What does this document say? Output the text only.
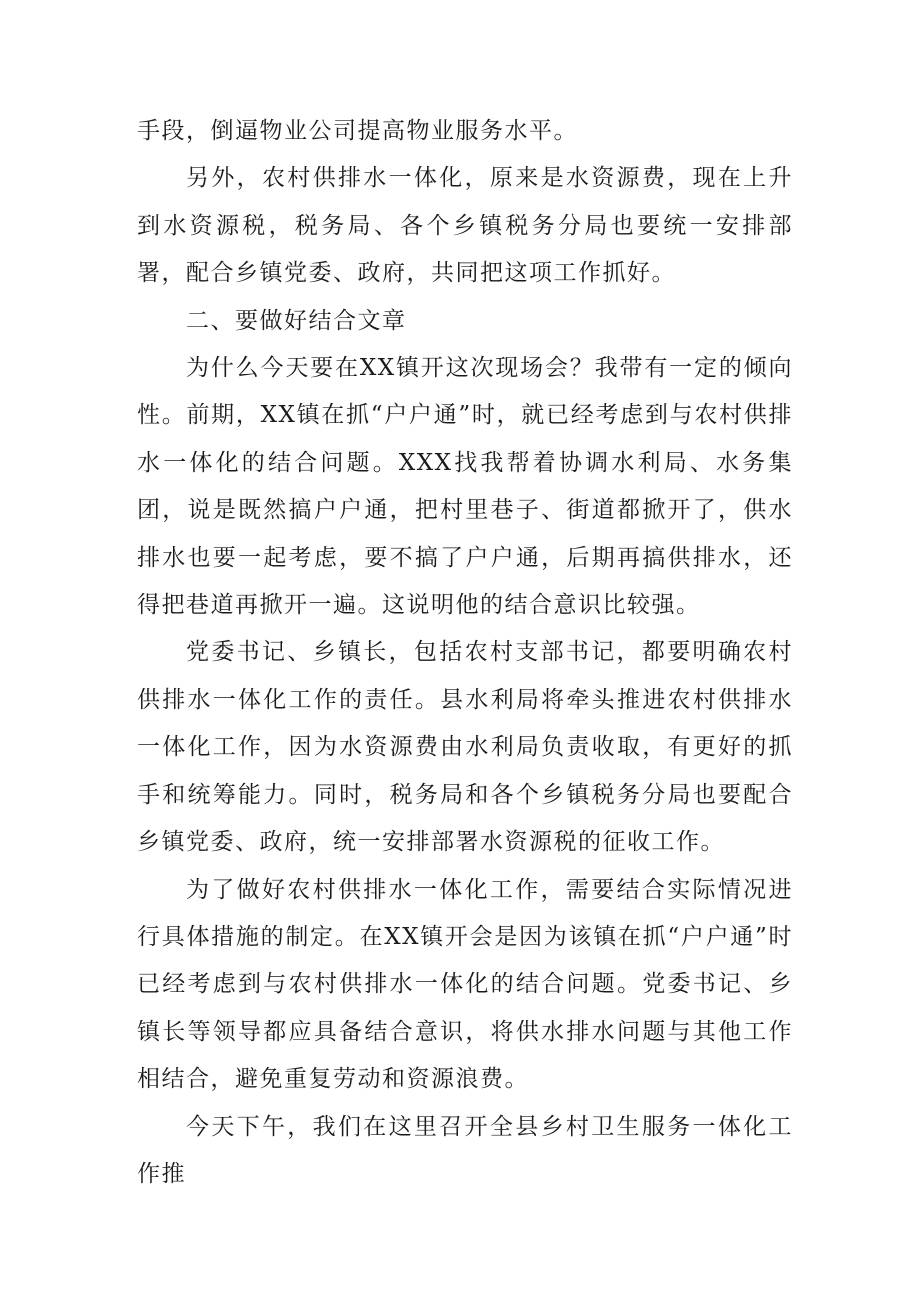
手段，倒逼物业公司提高物业服务水平。

另外，农村供排水一体化，原来是水资源费，现在上升到水资源税，税务局、各个乡镇税务分局也要统一安排部署，配合乡镇党委、政府，共同把这项工作抓好。

二、要做好结合文章

为什么今天要在XX镇开这次现场会？我带有一定的倾向性。前期，XX镇在抓“户户通”时，就已经考虑到与农村供排水一体化的结合问题。XXX找我帮着协调水利局、水务集团，说是既然搞户户通，把村里巷子、街道都掀开了，供水排水也要一起考虑，要不搞了户户通，后期再搞供排水，还得把巷道再掀开一遍。这说明他的结合意识比较强。

党委书记、乡镇长，包括农村支部书记，都要明确农村供排水一体化工作的责任。县水利局将牵头推进农村供排水一体化工作，因为水资源费由水利局负责收取，有更好的抓手和统筹能力。同时，税务局和各个乡镇税务分局也要配合乡镇党委、政府，统一安排部署水资源税的征收工作。

为了做好农村供排水一体化工作，需要结合实际情况进行具体措施的制定。在XX镇开会是因为该镇在抓“户户通”时已经考虑到与农村供排水一体化的结合问题。党委书记、乡镇长等领导都应具备结合意识，将供水排水问题与其他工作相结合，避免重复劳动和资源浪费。

今天下午，我们在这里召开全县乡村卫生服务一体化工作推
